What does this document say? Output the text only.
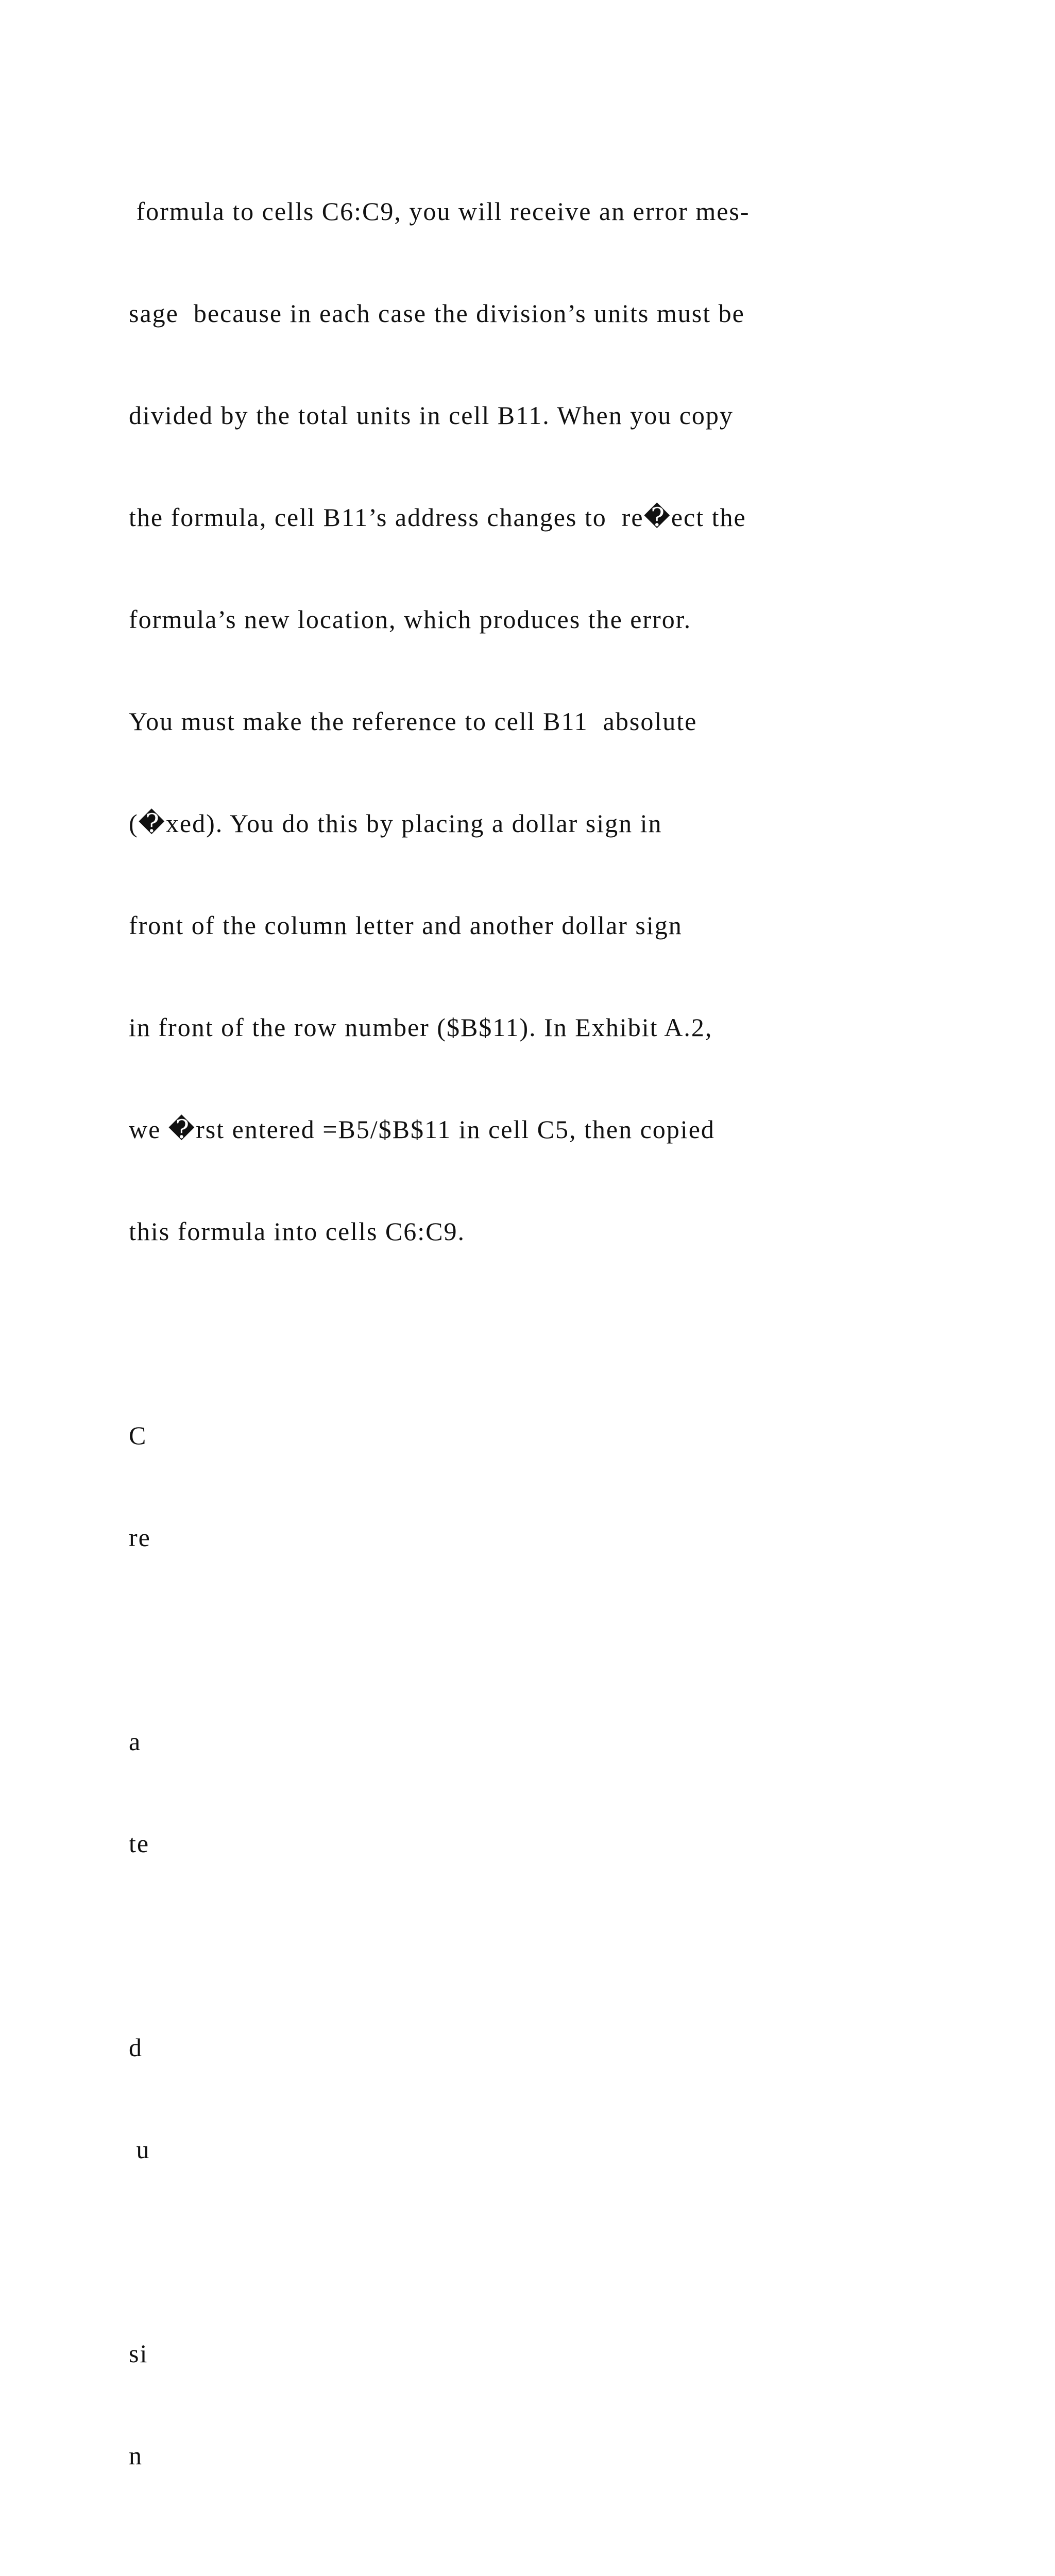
formula to cells C6:C9, you will receive an error mes-

sage  because in each case the division’s units must be

divided by the total units in cell B11. When you copy

the formula, cell B11’s address changes to  re�ect the

formula’s new location, which produces the error.

You must make the reference to cell B11  absolute

(�xed). You do this by placing a dollar sign in

front of the column letter and another dollar sign

in front of the row number ($B$11). In Exhibit A.2,

we �rst entered =B5/$B$11 in cell C5, then copied

this formula into cells C6:C9.

C

re

a

te

d

u

si

n
